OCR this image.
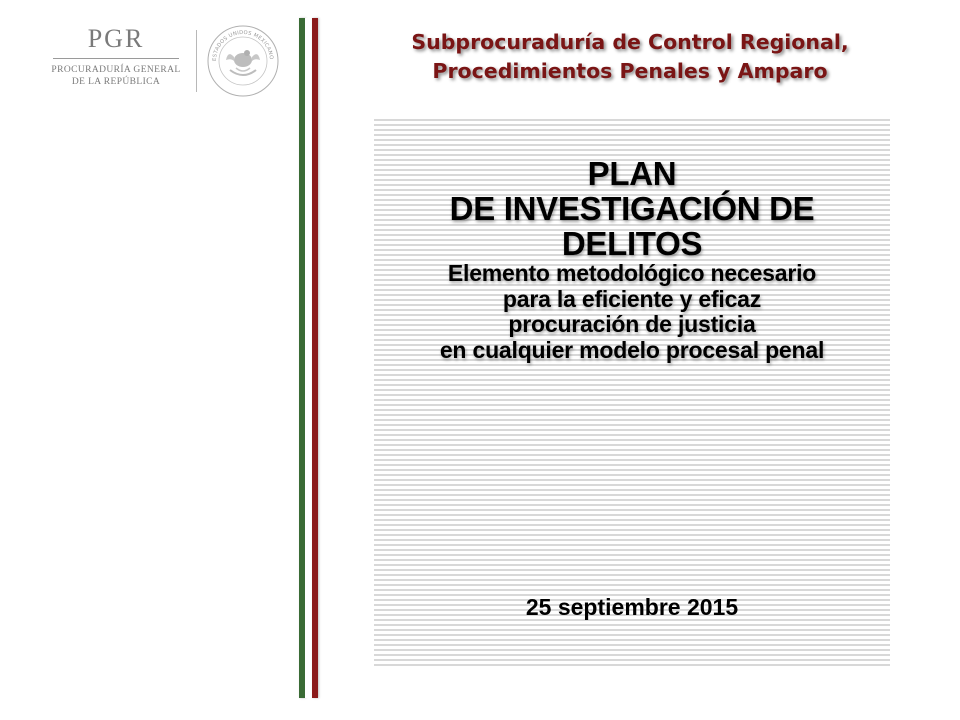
PGR
PROCURADURÍA GENERAL
DE LA REPÚBLICA
ESTADOS UNIDOS MEXICANO
Subprocuraduría de Control Regional,
Procedimientos Penales y Amparo
PLAN
DE INVESTIGACIÓN DE
DELITOS
Elemento metodológico necesario
para la eficiente y eficaz
procuración de justicia
en cualquier modelo procesal penal
25 septiembre 2015
